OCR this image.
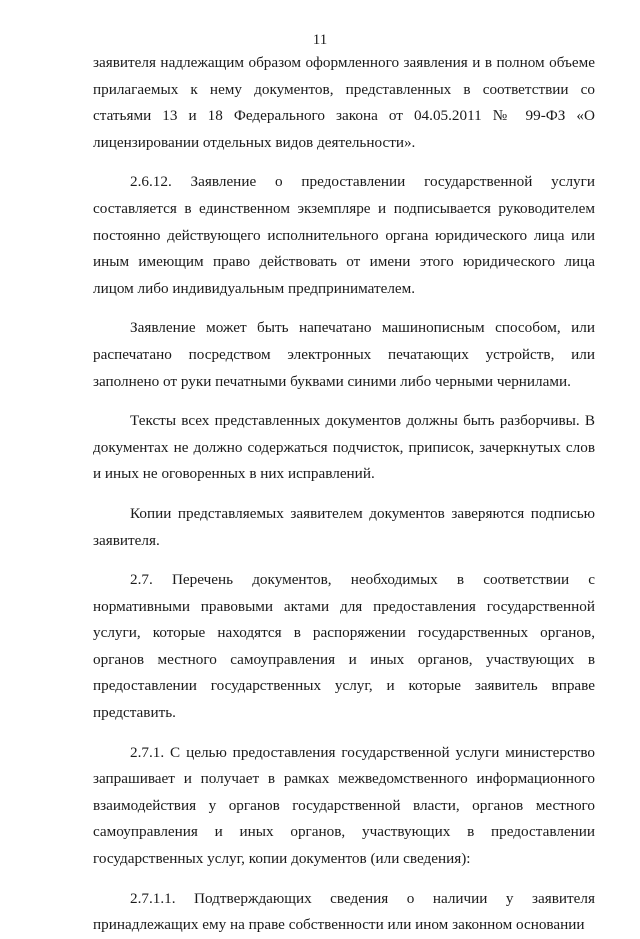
11

заявителя надлежащим образом оформленного заявления и в полном объеме прилагаемых к нему документов, представленных в соответствии со статьями 13 и 18 Федерального закона от 04.05.2011 № 99-ФЗ «О лицензировании отдельных видов деятельности».

2.6.12. Заявление о предоставлении государственной услуги составляется в единственном экземпляре и подписывается руководителем постоянно действующего исполнительного органа юридического лица или иным имеющим право действовать от имени этого юридического лица лицом либо индивидуальным предпринимателем.

Заявление может быть напечатано машинописным способом, или распечатано посредством электронных печатающих устройств, или заполнено от руки печатными буквами синими либо черными чернилами.

Тексты всех представленных документов должны быть разборчивы. В документах не должно содержаться подчисток, приписок, зачеркнутых слов и иных не оговоренных в них исправлений.

Копии представляемых заявителем документов заверяются подписью заявителя.

2.7. Перечень документов, необходимых в соответствии с нормативными правовыми актами для предоставления государственной услуги, которые находятся в распоряжении государственных органов, органов местного самоуправления и иных органов, участвующих в предоставлении государственных услуг, и которые заявитель вправе представить.

2.7.1. С целью предоставления государственной услуги министерство запрашивает и получает в рамках межведомственного информационного взаимодействия у органов государственной власти, органов местного самоуправления и иных органов, участвующих в предоставлении государственных услуг, копии документов (или сведения):

2.7.1.1. Подтверждающих сведения о наличии у заявителя принадлежащих ему на праве собственности или ином законном основании
